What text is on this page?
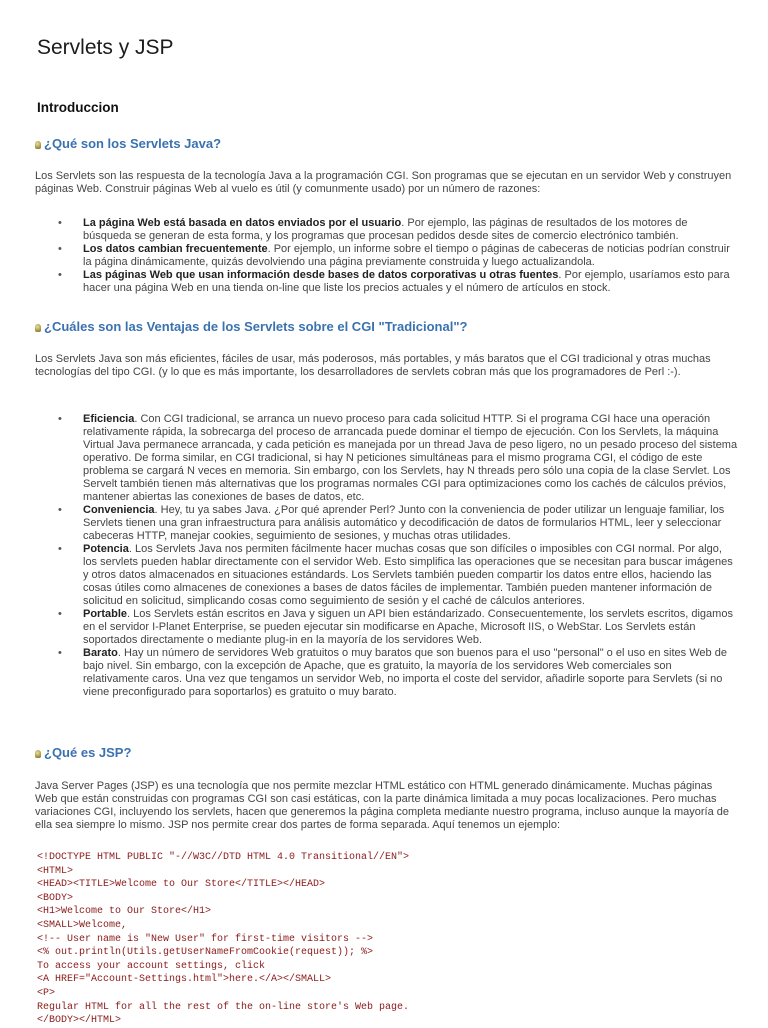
Servlets y JSP
Introduccion
¿Qué son los Servlets Java?

Los Servlets son las respuesta de la tecnología Java a la programación CGI. Son programas que se ejecutan en un servidor Web y construyen páginas Web. Construir páginas Web al vuelo es útil (y comunmente usado) por un número de razones:

• La página Web está basada en datos enviados por el usuario. Por ejemplo, las páginas de resultados de los motores de búsqueda se generan de esta forma, y los programas que procesan pedidos desde sites de comercio electrónico también.
• Los datos cambian frecuentemente. Por ejemplo, un informe sobre el tiempo o páginas de cabeceras de noticias podrían construir la página dinámicamente, quizás devolviendo una página previamente construida y luego actualizandola.
• Las páginas Web que usan información desde bases de datos corporativas u otras fuentes. Por ejemplo, usaríamos esto para hacer una página Web en una tienda on-line que liste los precios actuales y el número de artículos en stock.
¿Cuáles son las Ventajas de los Servlets sobre el CGI "Tradicional"?

Los Servlets Java son más eficientes, fáciles de usar, más poderosos, más portables, y más baratos que el CGI tradicional y otras muchas tecnologías del tipo CGI. (y lo que es más importante, los desarrolladores de servlets cobran más que los programadores de Perl :-).

• Eficiencia. Con CGI tradicional, se arranca un nuevo proceso para cada solicitud HTTP. Si el programa CGI hace una operación relativamente rápida, la sobrecarga del proceso de arrancada puede dominar el tiempo de ejecución. Con los Servlets, la máquina Virtual Java permanece arrancada, y cada petición es manejada por un thread Java de peso ligero, no un pesado proceso del sistema operativo. De forma similar, en CGI tradicional, si hay N peticiones simultáneas para el mismo programa CGI, el código de este problema se cargará N veces en memoria. Sin embargo, con los Servlets, hay N threads pero sólo una copia de la clase Servlet. Los Servelt también tienen más alternativas que los programas normales CGI para optimizaciones como los cachés de cálculos prévios, mantener abiertas las conexiones de bases de datos, etc.
• Conveniencia. Hey, tu ya sabes Java. ¿Por qué aprender Perl? Junto con la conveniencia de poder utilizar un lenguaje familiar, los Servlets tienen una gran infraestructura para análisis automático y decodificación de datos de formularios HTML, leer y seleccionar cabeceras HTTP, manejar cookies, seguimiento de sesiones, y muchas otras utilidades.
• Potencia. Los Servlets Java nos permiten fácilmente hacer muchas cosas que son difíciles o imposibles con CGI normal. Por algo, los servlets pueden hablar directamente con el servidor Web. Esto simplifica las operaciones que se necesitan para buscar imágenes y otros datos almacenados en situaciones estándards. Los Servlets también pueden compartir los datos entre ellos, haciendo las cosas útiles como almacenes de conexiones a bases de datos fáciles de implementar. También pueden mantener información de solicitud en solicitud, simplicando cosas como seguimiento de sesión y el caché de cálculos anteriores.
• Portable. Los Servlets están escritos en Java y siguen un API bien estándarizado. Consecuentemente, los servlets escritos, digamos en el servidor I-Planet Enterprise, se pueden ejecutar sin modificarse en Apache, Microsoft IIS, o WebStar. Los Servlets están soportados directamente o mediante plug-in en la mayoría de los servidores Web.
• Barato. Hay un número de servidores Web gratuitos o muy baratos que son buenos para el uso "personal" o el uso en sites Web de bajo nivel. Sin embargo, con la excepción de Apache, que es gratuito, la mayoría de los servidores Web comerciales son relativamente caros. Una vez que tengamos un servidor Web, no importa el coste del servidor, añadirle soporte para Servlets (si no viene preconfigurado para soportarlos) es gratuito o muy barato.
¿Qué es JSP?

Java Server Pages (JSP) es una tecnología que nos permite mezclar HTML estático con HTML generado dinámicamente. Muchas páginas Web que están construidas con programas CGI son casi estáticas, con la parte dinámica limitada a muy pocas localizaciones. Pero muchas variaciones CGI, incluyendo los servlets, hacen que generemos la página completa mediante nuestro programa, incluso aunque la mayoría de ella sea siempre lo mismo. JSP nos permite crear dos partes de forma separada. Aquí tenemos un ejemplo:

<!DOCTYPE HTML PUBLIC "-//W3C//DTD HTML 4.0 Transitional//EN">
<HTML>
<HEAD><TITLE>Welcome to Our Store</TITLE></HEAD>
<BODY>
<H1>Welcome to Our Store</H1>
<SMALL>Welcome,
<!-- User name is "New User" for first-time visitors -->
<% out.println(Utils.getUserNameFromCookie(request)); %>
To access your account settings, click
<A HREF="Account-Settings.html">here.</A></SMALL>
<P>
Regular HTML for all the rest of the on-line store's Web page.
</BODY></HTML>
